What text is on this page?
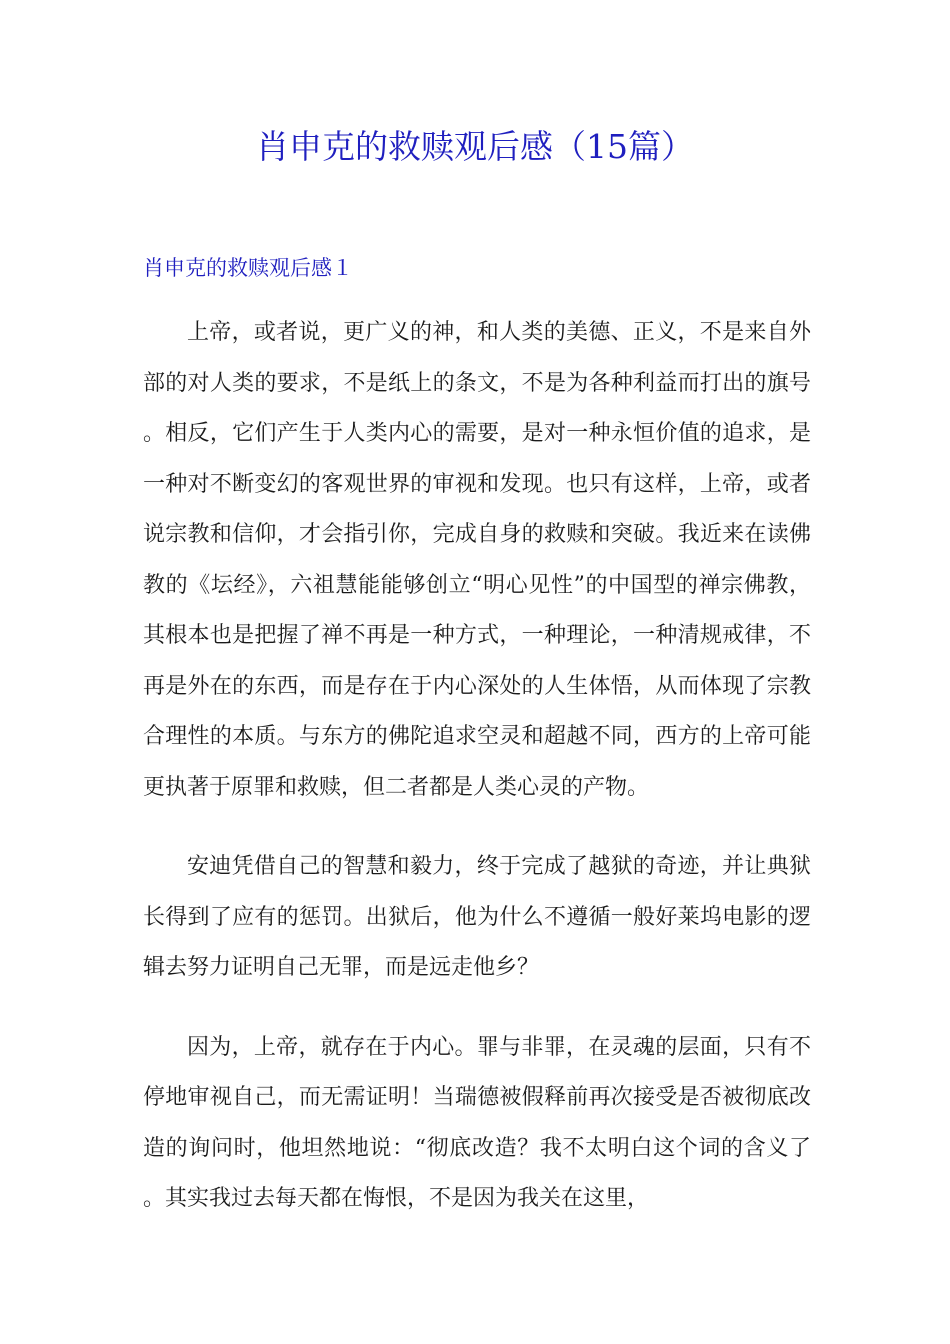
肖申克的救赎观后感（15篇）
肖申克的救赎观后感１

上帝，或者说，更广义的神，和人类的美德、正义，不是来自外部的对人类的要求，不是纸上的条文，不是为各种利益而打出的旗号。相反，它们产生于人类内心的需要，是对一种永恒价值的追求，是一种对不断变幻的客观世界的审视和发现。也只有这样，上帝，或者说宗教和信仰，才会指引你，完成自身的救赎和突破。我近来在读佛教的《坛经》，六祖慧能能够创立“明心见性”的中国型的禅宗佛教，其根本也是把握了禅不再是一种方式，一种理论，一种清规戒律，不再是外在的东西，而是存在于内心深处的人生体悟，从而体现了宗教合理性的本质。与东方的佛陀追求空灵和超越不同，西方的上帝可能更执著于原罪和救赎，但二者都是人类心灵的产物。

安迪凭借自己的智慧和毅力，终于完成了越狱的奇迹，并让典狱长得到了应有的惩罚。出狱后，他为什么不遵循一般好莱坞电影的逻辑去努力证明自己无罪，而是远走他乡？

因为，上帝，就存在于内心。罪与非罪，在灵魂的层面，只有不停地审视自己，而无需证明！当瑞德被假释前再次接受是否被彻底改造的询问时，他坦然地说：“彻底改造？我不太明白这个词的含义了。其实我过去每天都在悔恨，不是因为我关在这里，
